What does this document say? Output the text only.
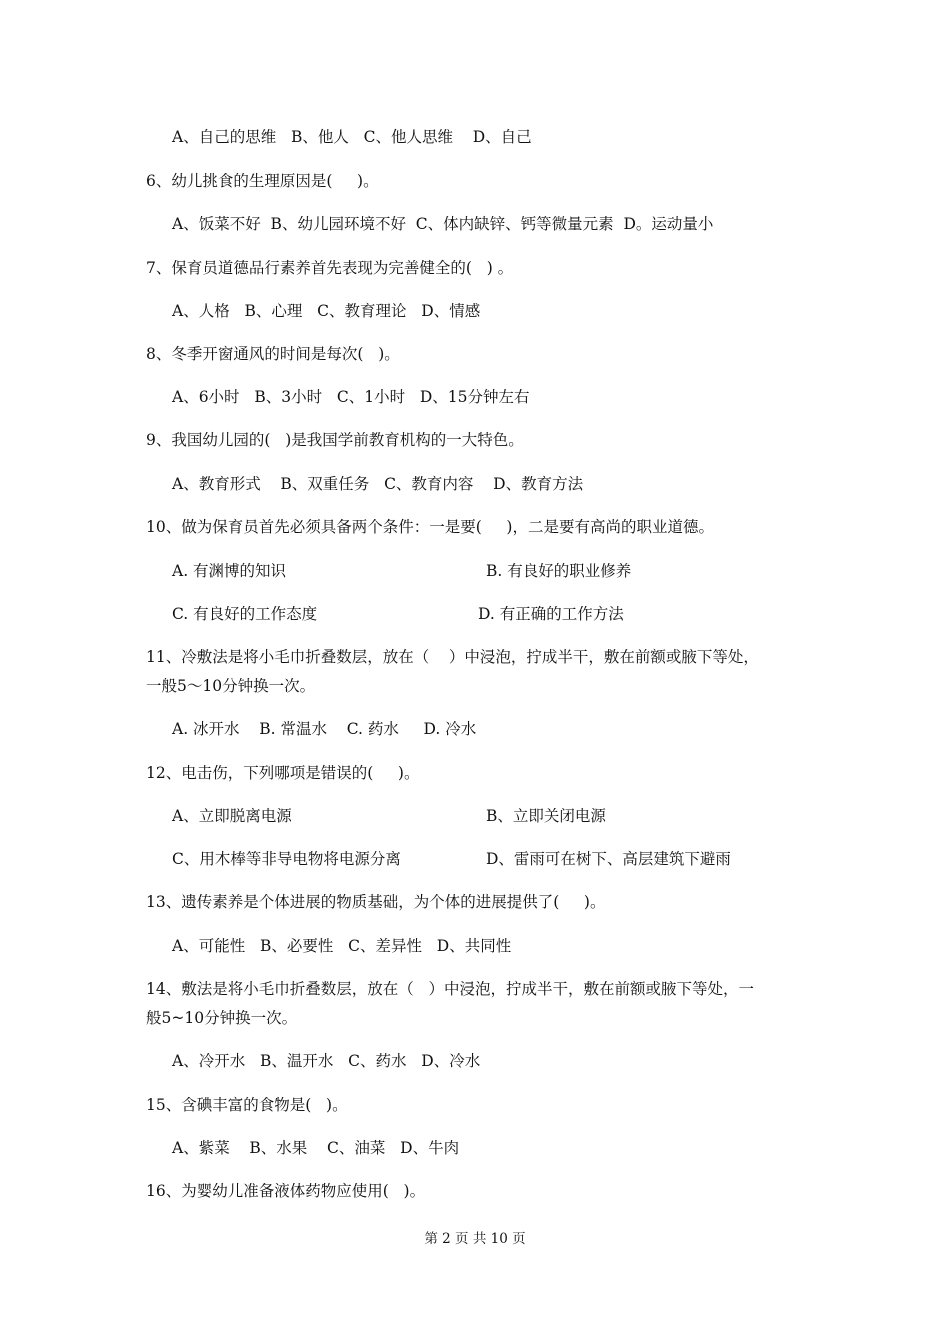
A、自己的思维   B、他人   C、他人思维    D、自己
6、幼儿挑食的生理原因是(     )。
A、饭菜不好  B、幼儿园环境不好  C、体内缺锌、钙等微量元素  D。运动量小
7、保育员道德品行素养首先表现为完善健全的(   ) 。
A、人格   B、心理   C、教育理论   D、情感
8、冬季开窗通风的时间是每次(   )。
A、6小时   B、3小时   C、1小时   D、15分钟左右
9、我国幼儿园的(   )是我国学前教育机构的一大特色。
A、教育形式    B、双重任务   C、教育内容    D、教育方法
10、做为保育员首先必须具备两个条件：一是要(     )，二是要有高尚的职业道德。
A. 有渊博的知识	B. 有良好的职业修养
C. 有良好的工作态度	D. 有正确的工作方法
11、冷敷法是将小毛巾折叠数层，放在（    ）中浸泡，拧成半干，敷在前额或腋下等处，
一般5～10分钟换一次。
A. 冰开水    B. 常温水    C. 药水     D. 冷水
12、电击伤，下列哪项是错误的(     )。
A、立即脱离电源	B、立即关闭电源
C、用木棒等非导电物将电源分离	D、雷雨可在树下、高层建筑下避雨
13、遗传素养是个体进展的物质基础，为个体的进展提供了(     )。
A、可能性   B、必要性   C、差异性   D、共同性
14、敷法是将小毛巾折叠数层，放在（   ）中浸泡，拧成半干，敷在前额或腋下等处，一
般5~10分钟换一次。
A、冷开水   B、温开水   C、药水   D、冷水
15、含碘丰富的食物是(   )。
A、紫菜    B、水果    C、油菜   D、牛肉
16、为婴幼儿准备液体药物应使用(   )。
第 2 页 共 10 页
